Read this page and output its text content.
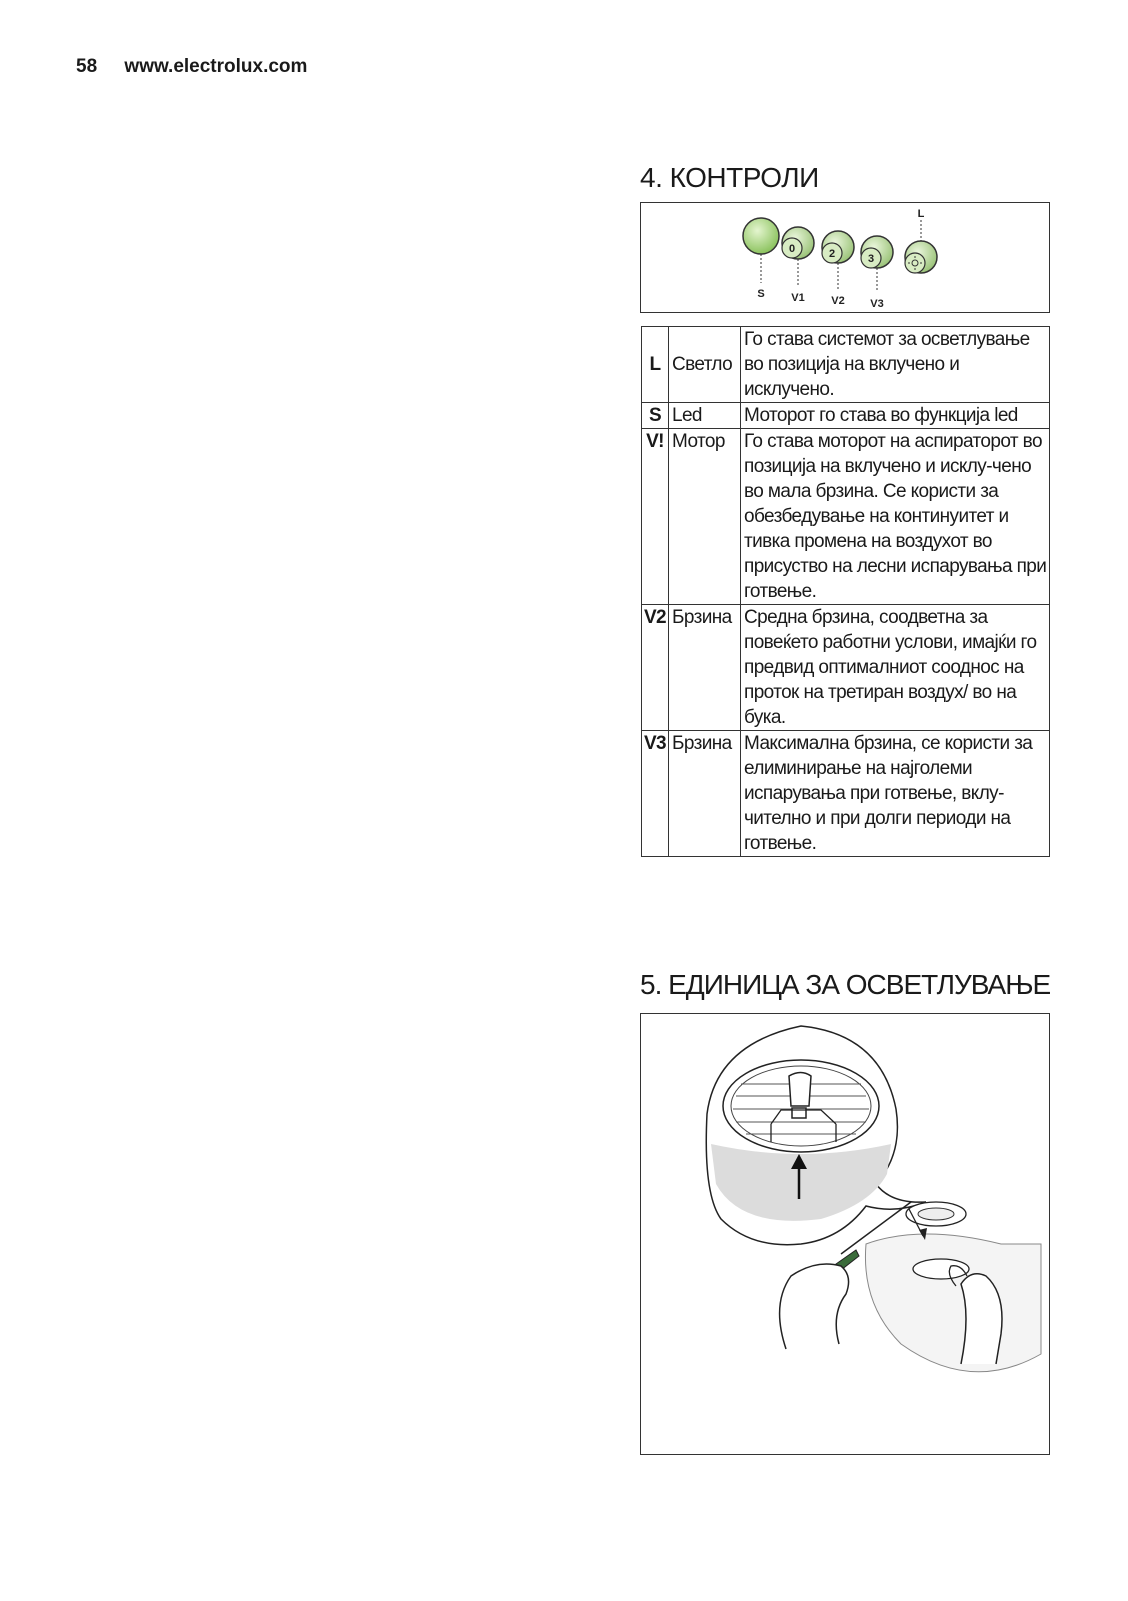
58 www.electrolux.com
4. КОНТРОЛИ
0	2	3
S V1 V2 V3
L
L	Светло	Го става системот за осветлување во позиција на вклучено и исклучено.
S	Led	Моторот го става во функција led
V!	Мотор	Го става моторот на аспираторот во позиција на вклучено и исклу-чено во мала брзина. Се користи за обезбедување на континуитет и тивка промена на воздухот во присуство на лесни испарувања при готвење.
V2	Брзина	Средна брзина, соодветна за повеќето работни услови, имајќи го предвид оптималниот сооднос на проток на третиран воздух/ во на бука.
V3	Брзина	Максимална брзина, се користи за елиминирање на најголеми испарувања при готвење, вклу-чително и при долги периоди на готвење.
5. ЕДИНИЦА ЗА ОСВЕТЛУВАЊЕ
